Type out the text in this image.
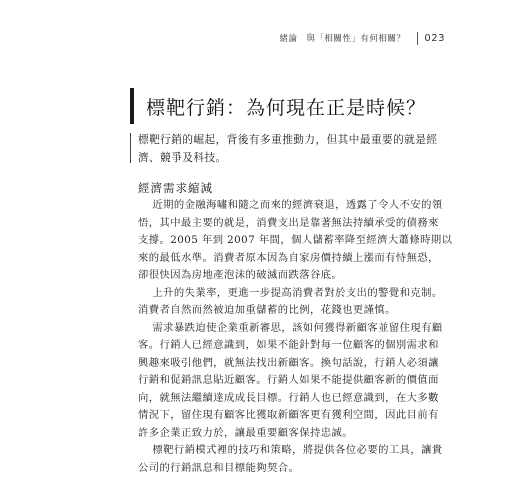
緒論　與「相關性」有何相關？ 023
標靶行銷：為何現在正是時候？
標靶行銷的崛起，背後有多重推動力，但其中最重要的就是經
濟、競爭及科技。
經濟需求縮減

近期的金融海嘯和隨之而來的經濟衰退，透露了令人不安的領
悟，其中最主要的就是，消費支出是靠著無法持續承受的債務來
支撐。2005 年到 2007 年間，個人儲蓄率降至經濟大蕭條時期以
來的最低水準。消費者原本因為自家房價持續上漲而有恃無恐，
卻很快因為房地產泡沫的破滅而跌落谷底。

上升的失業率，更進一步提高消費者對於支出的警覺和克制。
消費者自然而然被迫加重儲蓄的比例，花錢也更謹慎。

需求暴跌迫使企業重新審思，該如何獲得新顧客並留住現有顧
客。行銷人已經意識到，如果不能針對每一位顧客的個別需求和
興趣來吸引他們，就無法找出新顧客。換句話說，行銷人必須讓
行銷和促銷訊息貼近顧客。行銷人如果不能提供顧客新的價值面
向，就無法繼續達成成長目標。行銷人也已經意識到，在大多數
情況下，留住現有顧客比獲取新顧客更有獲利空間，因此目前有
許多企業正致力於，讓最重要顧客保持忠誠。

標靶行銷模式裡的技巧和策略，將提供各位必要的工具，讓貴
公司的行銷訊息和目標能夠契合。
